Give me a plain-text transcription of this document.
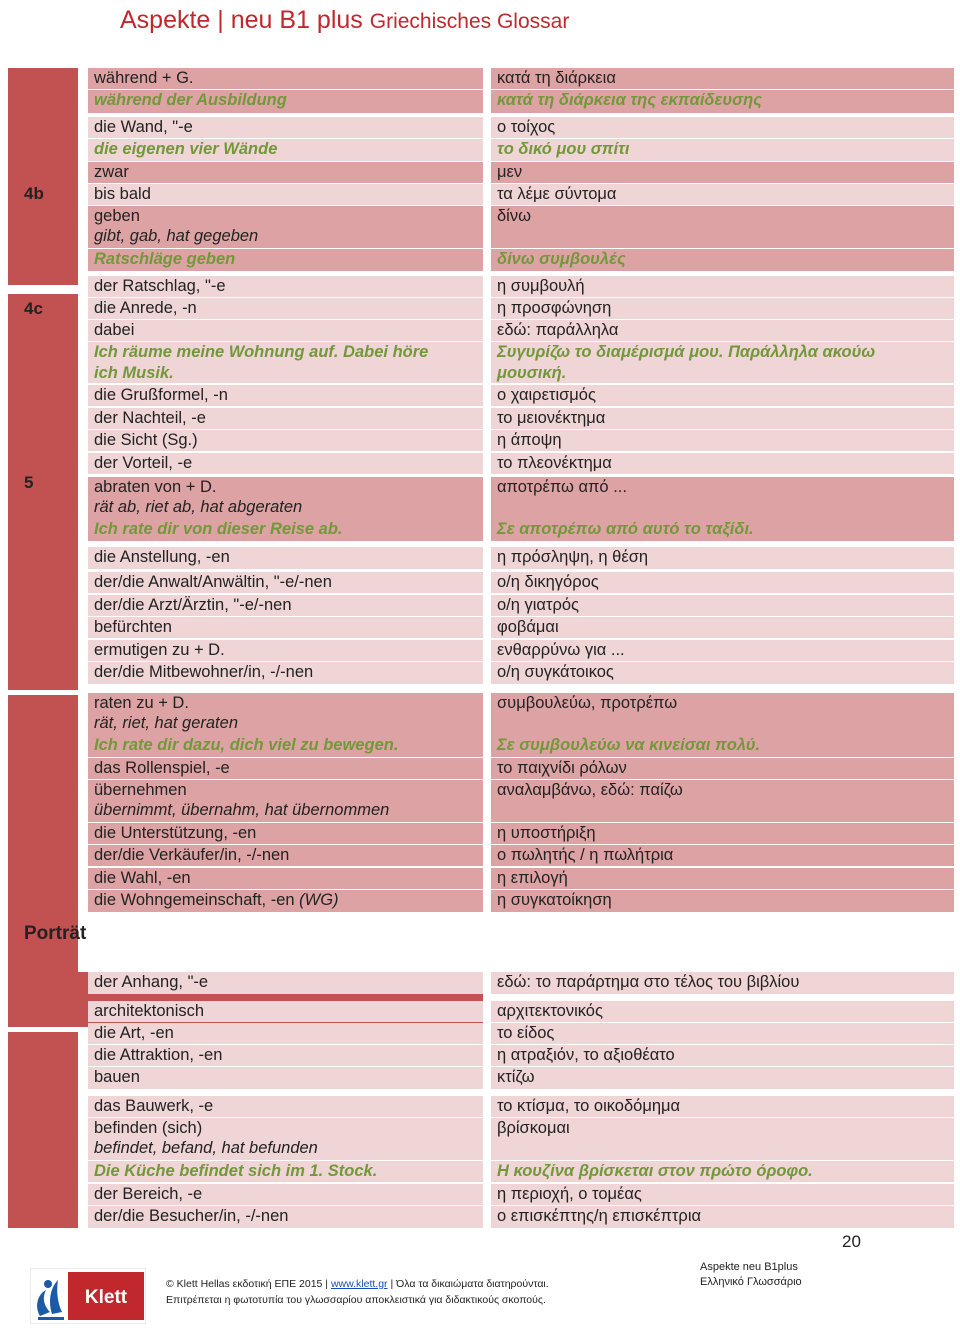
Aspekte | neu B1 plus Griechisches Glossar
4b
4c
5
Porträt
während + G.	κατά τη διάρκεια
während der Ausbildung	κατά τη διάρκεια της εκπαίδευσης
die Wand, "-e	ο τοίχος
die eigenen vier Wände	το δικό μου σπίτι
zwar	μεν
bis bald	τα λέμε σύντομα
geben	δίνω
gibt, gab, hat gegeben
Ratschläge geben	δίνω συμβουλές
der Ratschlag, "-e	η συμβουλή
die Anrede, -n	η προσφώνηση
dabei	εδώ: παράλληλα
Ich räume meine Wohnung auf. Dabei höre	Συγυρίζω το διαμέρισμά μου. Παράλληλα ακούω
ich Musik.	μουσική.
die Grußformel, -n	ο χαιρετισμός
der Nachteil, -e	το μειονέκτημα
die Sicht (Sg.)	η άποψη
der Vorteil, -e	το πλεονέκτημα
abraten von + D.	αποτρέπω από ...
rät ab, riet ab, hat abgeraten
Ich rate dir von dieser Reise ab.	Σε αποτρέπω από αυτό το ταξίδι.
die Anstellung, -en	η πρόσληψη, η θέση
der/die Anwalt/Anwältin, "-e/-nen	ο/η δικηγόρος
der/die Arzt/Ärztin, "-e/-nen	ο/η γιατρός
befürchten	φοβάμαι
ermutigen zu + D.	ενθαρρύνω για ...
der/die Mitbewohner/in, -/-nen	ο/η συγκάτοικος
raten zu + D.	συμβουλεύω, προτρέπω
rät, riet, hat geraten
Ich rate dir dazu, dich viel zu bewegen.	Σε συμβουλεύω να κινείσαι πολύ.
das Rollenspiel, -e	το παιχνίδι ρόλων
übernehmen	αναλαμβάνω, εδώ: παίζω
übernimmt, übernahm, hat übernommen
die Unterstützung, -en	η υποστήριξη
der/die Verkäufer/in, -/-nen	ο πωλητής / η πωλήτρια
die Wahl, -en	η επιλογή
die Wohngemeinschaft, -en (WG)	η συγκατοίκηση
der Anhang, "-e	εδώ: το παράρτημα στο τέλος του βιβλίου
architektonisch	αρχιτεκτονικός
die Art, -en	το είδος
die Attraktion, -en	η ατραξιόν, το αξιοθέατο
bauen	κτίζω
das Bauwerk, -e	το κτίσμα, το οικοδόμημα
befinden (sich)	βρίσκομαι
befindet, befand, hat befunden
Die Küche befindet sich im 1. Stock.	Η κουζίνα βρίσκεται στον πρώτο όροφο.
der Bereich, -e	η περιοχή, ο τομέας
der/die Besucher/in, -/-nen	ο επισκέπτης/η επισκέπτρια
20
Klett
© Klett Hellas εκδοτική ΕΠΕ 2015 | www.klett.gr | Όλα τα δικαιώματα διατηρούνται.
Επιτρέπεται η φωτοτυπία του γλωσσαρίου αποκλειστικά για διδακτικούς σκοπούς.
Aspekte neu B1plus
Ελληνικό Γλωσσάριο
